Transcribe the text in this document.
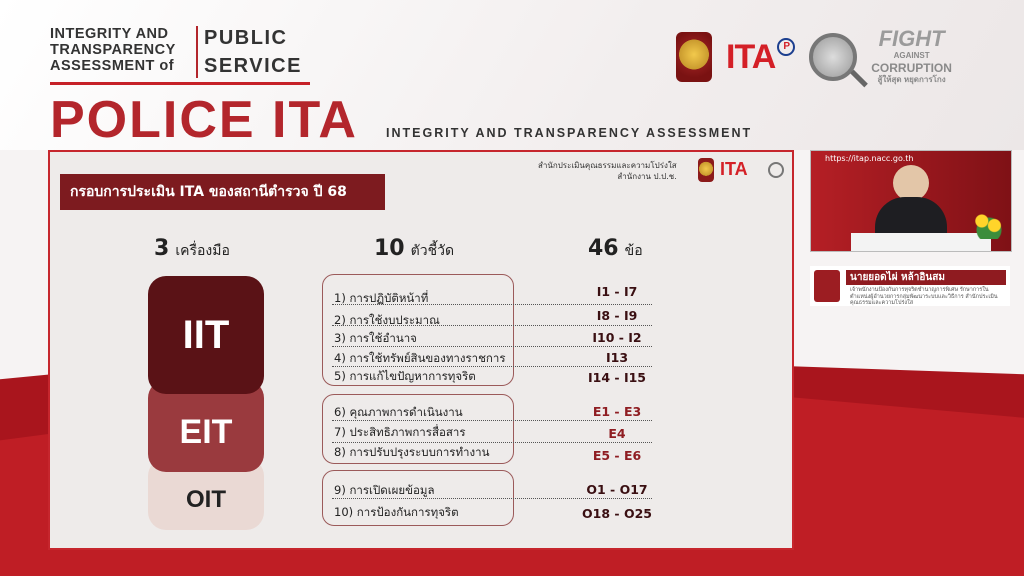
INTEGRITY AND
TRANSPARENCY
ASSESSMENT of
PUBLIC
SERVICE	ITA P	FIGHT
AGAINST
CORRUPTION
สู้ให้สุด หยุดการโกง
POLICE ITA INTEGRITY AND TRANSPARENCY ASSESSMENT
กรอบการประเมิน ITA ของสถานีตำรวจ ปี 68
สำนักประเมินคุณธรรมและความโปร่งใส
สำนักงาน ป.ป.ช. ITA
3 เครื่องมือ	10 ตัวชี้วัด	46 ข้อ
IIT
EIT
OIT
1) การปฏิบัติหน้าที่	I1 - I7
2) การใช้งบประมาณ	I8 - I9
3) การใช้อำนาจ	I10 - I2
4) การใช้ทรัพย์สินของทางราชการ	I13
5) การแก้ไขปัญหาการทุจริต	I14 - I15
6) คุณภาพการดำเนินงาน	E1 - E3
7) ประสิทธิภาพการสื่อสาร	E4
8) การปรับปรุงระบบการทำงาน	E5 - E6
9) การเปิดเผยข้อมูล	O1 - O17
10) การป้องกันการทุจริต	O18 - O25
https://itap.nacc.go.th
นายยอดไผ่ หล้าอินสม
เจ้าพนักงานป้องกันการทุจริตชำนาญการพิเศษ รักษาการในตำแหน่งผู้อำนวยการกลุ่มพัฒนาระบบและวิธีการ สำนักประเมินคุณธรรมและความโปร่งใส
